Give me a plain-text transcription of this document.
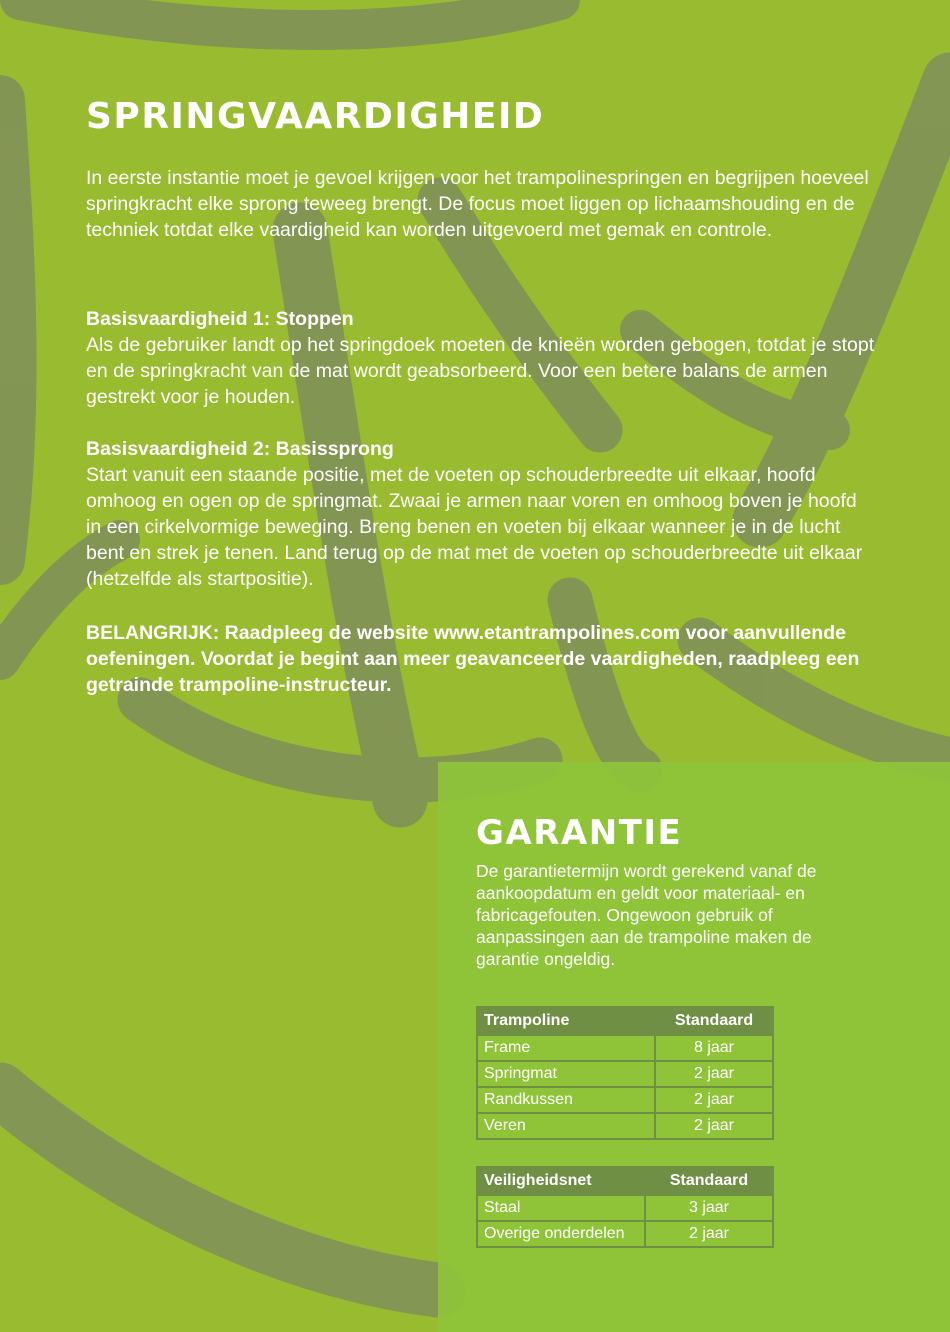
SPRINGVAARDIGHEID

In eerste instantie moet je gevoel krijgen voor het trampolinespringen en begrijpen hoeveel springkracht elke sprong teweeg brengt. De focus moet liggen op lichaamshouding en de techniek totdat elke vaardigheid kan worden uitgevoerd met gemak en controle.

Basisvaardigheid 1: Stoppen
Als de gebruiker landt op het springdoek moeten de knieën worden gebogen, totdat je stopt en de springkracht van de mat wordt geabsorbeerd. Voor een betere balans de armen gestrekt voor je houden.
Basisvaardigheid 2: Basissprong
Start vanuit een staande positie, met de voeten op schouderbreedte uit elkaar, hoofd omhoog en ogen op de springmat. Zwaai je armen naar voren en omhoog boven je hoofd in een cirkelvormige beweging. Breng benen en voeten bij elkaar wanneer je in de lucht bent en strek je tenen. Land terug op de mat met de voeten op schouderbreedte uit elkaar (hetzelfde als startpositie).

BELANGRIJK: Raadpleeg de website www.etantrampolines.com voor aanvullende oefeningen. Voordat je begint aan meer geavanceerde vaardigheden, raadpleeg een getrainde trampoline-instructeur.

GARANTIE

De garantietermijn wordt gerekend vanaf de aankoopdatum en geldt voor materiaal- en fabricagefouten. Ongewoon gebruik of aanpassingen aan de trampoline maken de garantie ongeldig.

Trampoline	Standaard
Frame	8 jaar
Springmat	2 jaar
Randkussen	2 jaar
Veren	2 jaar
Veiligheidsnet	Standaard
Staal	3 jaar
Overige onderdelen	2 jaar
